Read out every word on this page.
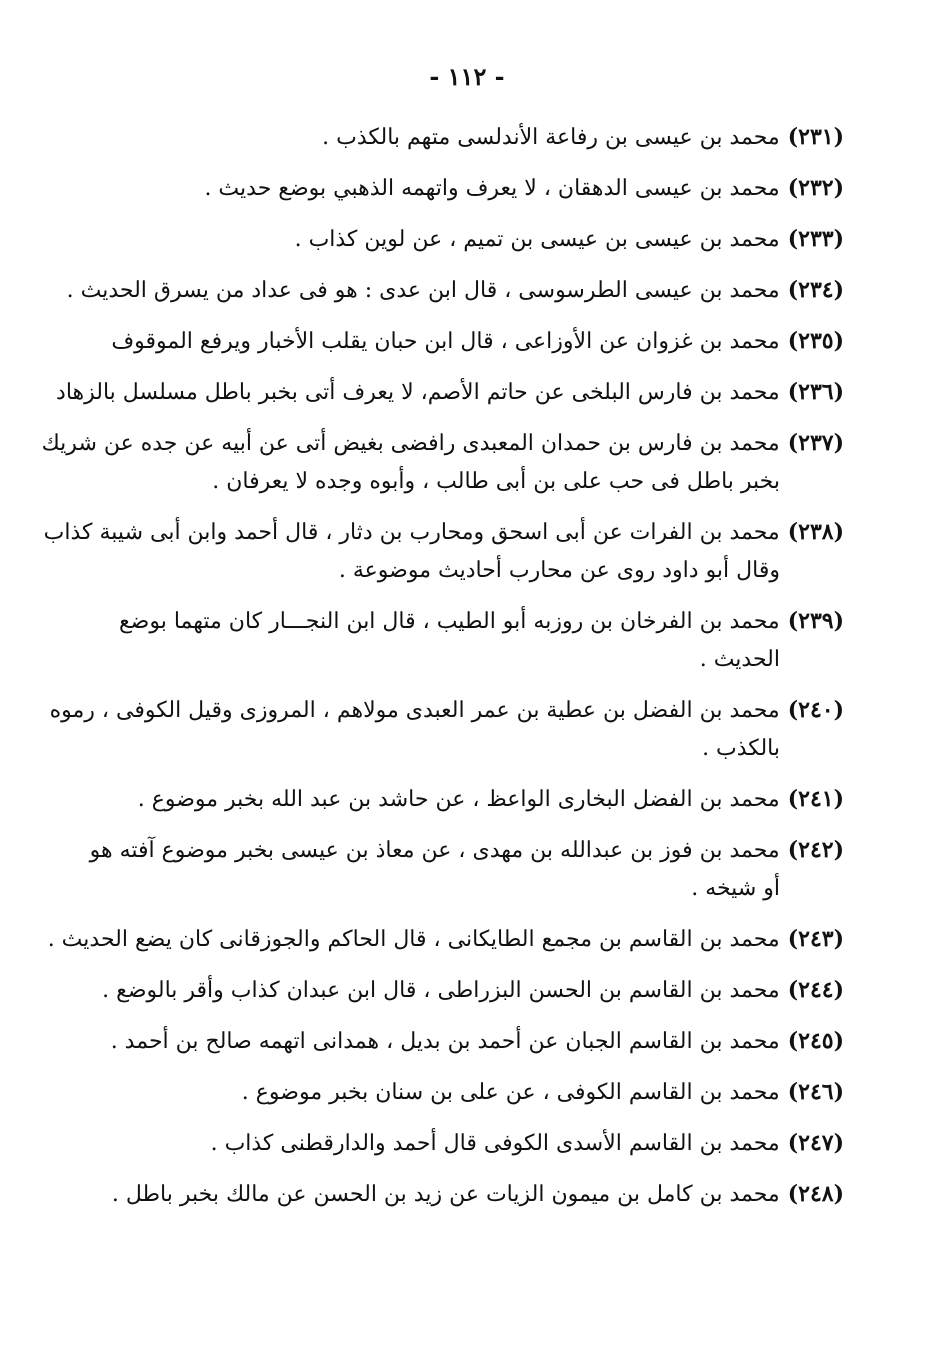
- ١١٢ -
(٢٣١)محمد بن عيسى بن رفاعة الأندلسى متهم بالكذب .
(٢٣٢)محمد بن عيسى الدهقان ، لا يعرف واتهمه الذهبي بوضع حديث .
(٢٣٣)محمد بن عيسى بن عيسى بن تميم ، عن لوين كذاب .
(٢٣٤)محمد بن عيسى الطرسوسى ، قال ابن عدى : هو فى عداد من يسرق الحديث .
(٢٣٥)محمد بن غزوان عن الأوزاعى ، قال ابن حبان يقلب الأخبار ويرفع الموقوف
(٢٣٦)محمد بن فارس البلخى عن حاتم الأصم، لا يعرف أتى بخبر باطل مسلسل بالزهاد
(٢٣٧)محمد بن فارس بن حمدان المعبدى رافضى بغيض أتى عن أبيه عن جده عن شريك
بخبر باطل فى حب على بن أبى طالب ، وأبوه وجده لا يعرفان .
(٢٣٨)محمد بن الفرات عن أبى اسحق ومحارب بن دثار ، قال أحمد وابن أبى شيبة كذاب
وقال أبو داود روى عن محارب أحاديث موضوعة .
(٢٣٩)محمد بن الفرخان بن روزبه أبو الطيب ، قال ابن النجـــار كان متهما بوضع
الحديث .
(٢٤٠)محمد بن الفضل بن عطية بن عمر العبدى مولاهم ، المروزى وقيل الكوفى ، رموه
بالكذب .
(٢٤١)محمد بن الفضل البخارى الواعظ ، عن حاشد بن عبد الله بخبر موضوع .
(٢٤٢)محمد بن فوز بن عبدالله بن مهدى ، عن معاذ بن عيسى بخبر موضوع آفته هو
أو شيخه .
(٢٤٣)محمد بن القاسم بن مجمع الطايكانى ، قال الحاكم والجوزقانى كان يضع الحديث .
(٢٤٤)محمد بن القاسم بن الحسن البزراطى ، قال ابن عبدان كذاب وأقر بالوضع .
(٢٤٥)محمد بن القاسم الجبان عن أحمد بن بديل ، همدانى اتهمه صالح بن أحمد .
(٢٤٦)محمد بن القاسم الكوفى ، عن على بن سنان بخبر موضوع .
(٢٤٧)محمد بن القاسم الأسدى الكوفى قال أحمد والدارقطنى كذاب .
(٢٤٨)محمد بن كامل بن ميمون الزيات عن زيد بن الحسن عن مالك بخبر باطل .
